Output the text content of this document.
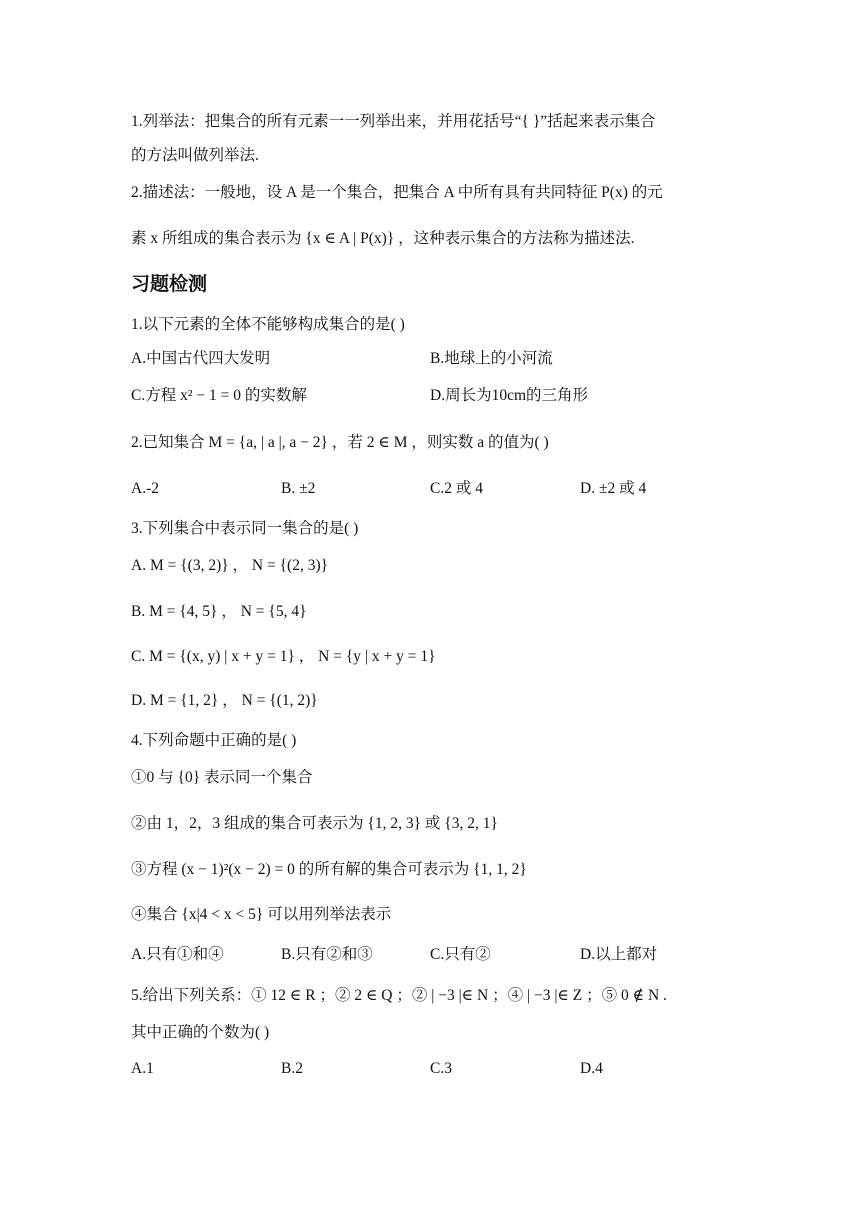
1.列举法：把集合的所有元素一一列举出来，并用花括号“{ }”括起来表示集合
的方法叫做列举法.
2.描述法：一般地，设 A 是一个集合，把集合 A 中所有具有共同特征 P(x) 的元
素 x 所组成的集合表示为 {x ∈ A | P(x)} ，这种表示集合的方法称为描述法.
习题检测
1.以下元素的全体不能够构成集合的是( )
A.中国古代四大发明	B.地球上的小河流
C.方程 x² − 1 = 0 的实数解	D.周长为10cm的三角形
2.已知集合 M = {a, | a |, a − 2} ，若 2 ∈ M ，则实数 a 的值为( )
A.-2	B. ±2	C.2 或 4	D. ±2 或 4
3.下列集合中表示同一集合的是( )
A. M = {(3, 2)} ， N = {(2, 3)}
B. M = {4, 5} ， N = {5, 4}
C. M = {(x, y) | x + y = 1} ， N = {y | x + y = 1}
D. M = {1, 2} ， N = {(1, 2)}
4.下列命题中正确的是( )
①0 与 {0} 表示同一个集合
②由 1，2，3 组成的集合可表示为 {1, 2, 3} 或 {3, 2, 1}
③方程 (x − 1)²(x − 2) = 0 的所有解的集合可表示为 {1, 1, 2}
④集合 {x|4 < x < 5} 可以用列举法表示
A.只有①和④	B.只有②和③	C.只有②	D.以上都对
5.给出下列关系：① 12 ∈ R ；② 2 ∈ Q ；② | −3 |∈ N ；④ | −3 |∈ Z ；⑤ 0 ∉ N .
其中正确的个数为( )
A.1	B.2	C.3	D.4
